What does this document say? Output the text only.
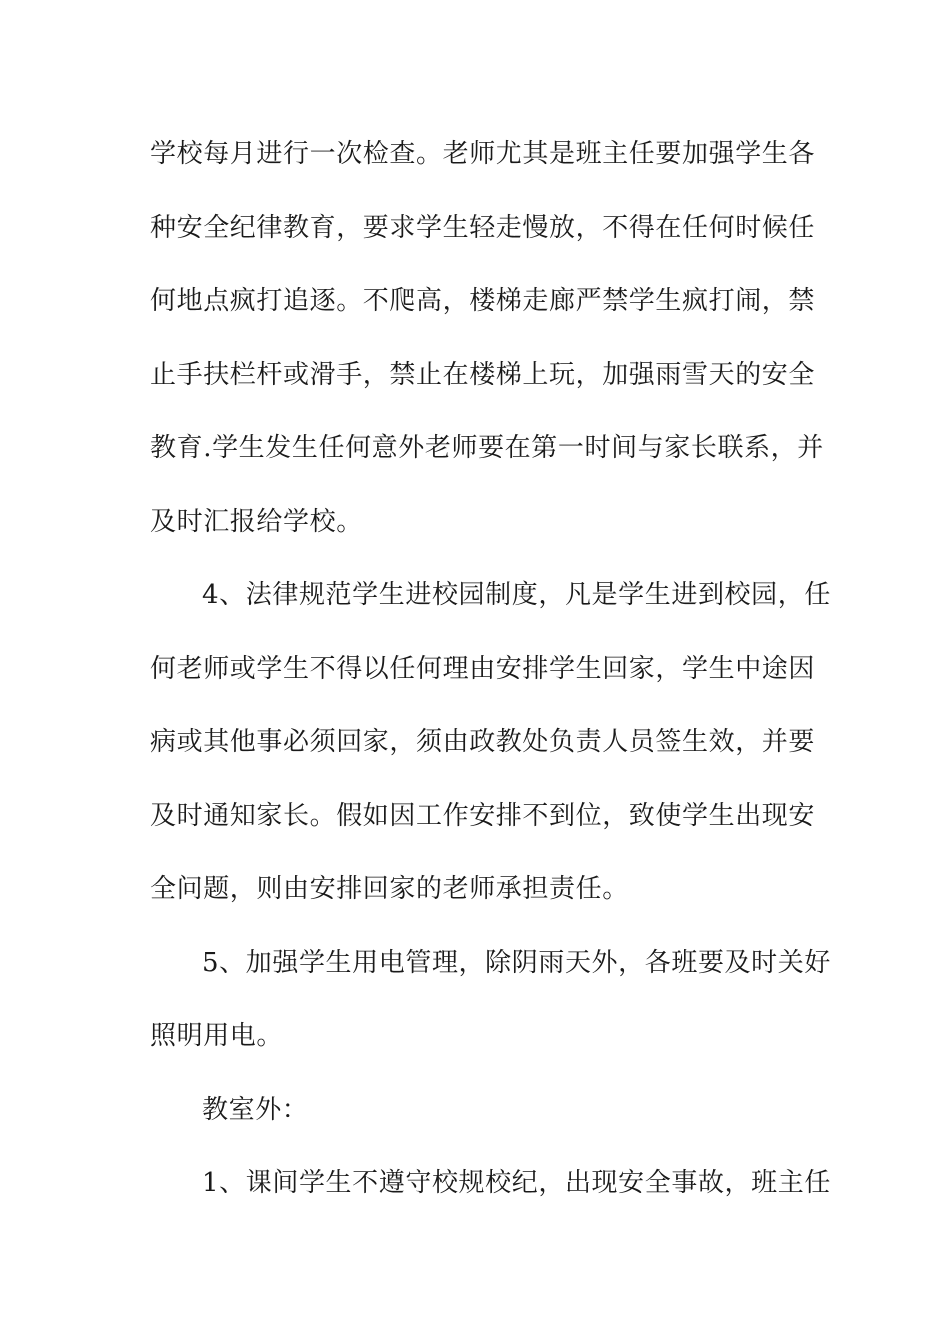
学校每月进行一次检查。老师尤其是班主任要加强学生各
种安全纪律教育，要求学生轻走慢放，不得在任何时候任
何地点疯打追逐。不爬高，楼梯走廊严禁学生疯打闹，禁
止手扶栏杆或滑手，禁止在楼梯上玩，加强雨雪天的安全
教育.学生发生任何意外老师要在第一时间与家长联系，并
及时汇报给学校。
4、法律规范学生进校园制度，凡是学生进到校园，任
何老师或学生不得以任何理由安排学生回家，学生中途因
病或其他事必须回家，须由政教处负责人员签生效，并要
及时通知家长。假如因工作安排不到位，致使学生出现安
全问题，则由安排回家的老师承担责任。
5、加强学生用电管理，除阴雨天外，各班要及时关好
照明用电。
教室外：
1、课间学生不遵守校规校纪，出现安全事故，班主任
